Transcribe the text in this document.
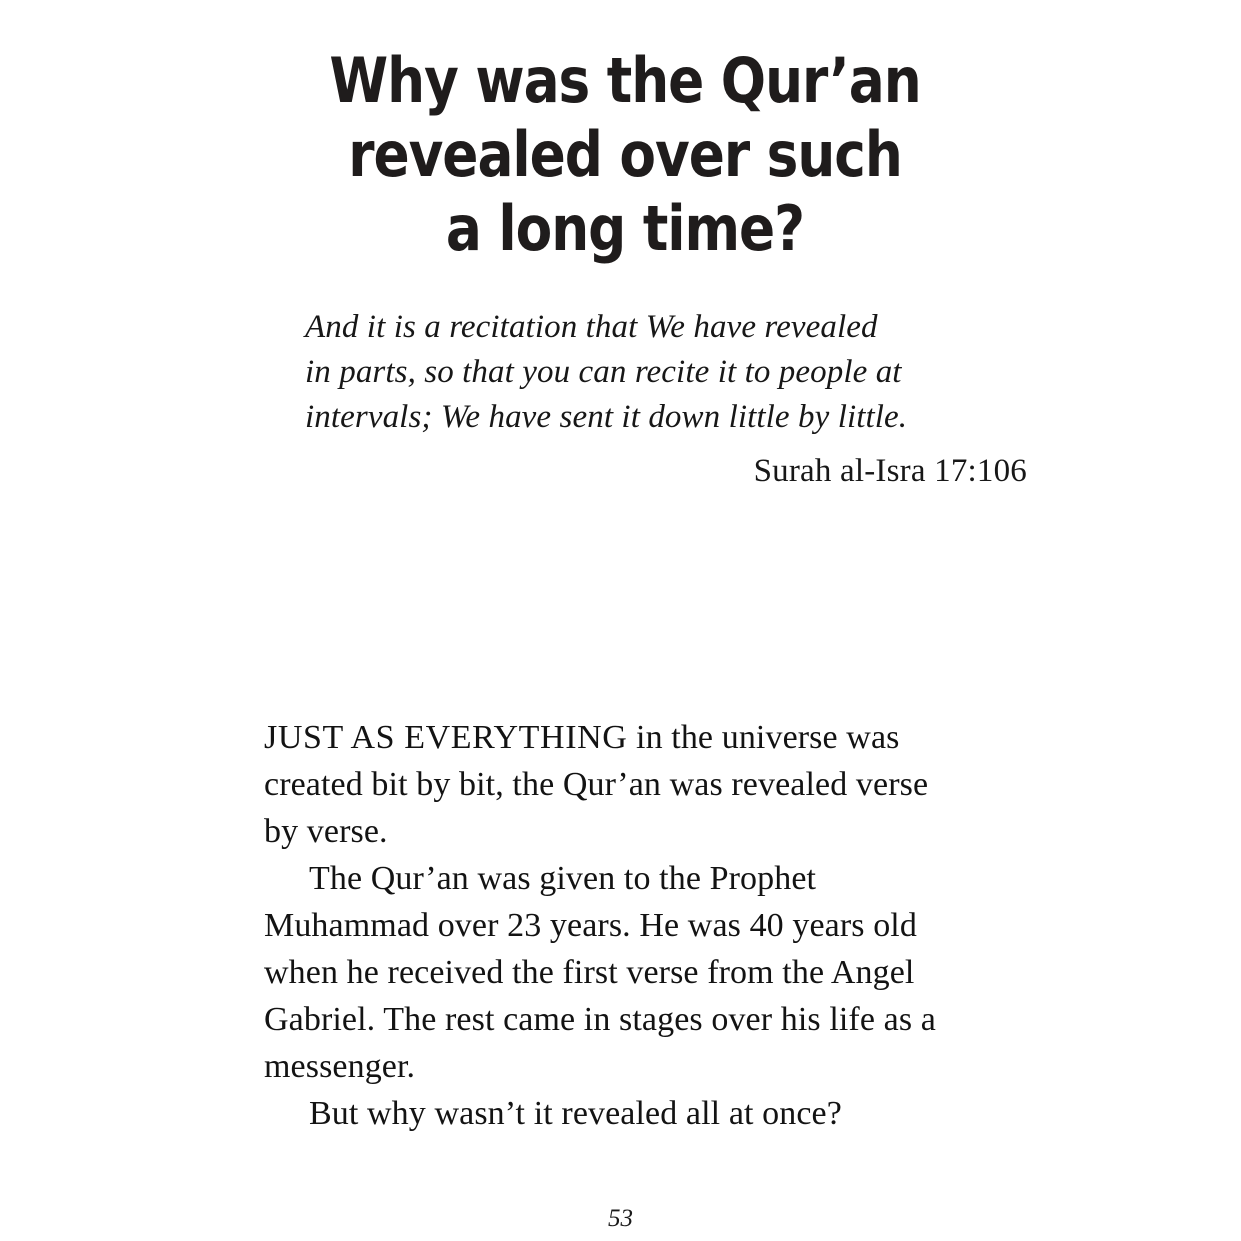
Why was the Qur’an
revealed over such
a long time?
And it is a recitation that We have revealed
in parts, so that you can recite it to people at
intervals; We have sent it down little by little.
Surah al-Isra 17:106

JUST AS EVERYTHING in the universe was created bit by bit, the Qur’an was revealed verse by verse.

The Qur’an was given to the Prophet Muhammad over 23 years. He was 40 years old when he received the first verse from the Angel Gabriel. The rest came in stages over his life as a messenger.

But why wasn’t it revealed all at once?

53
